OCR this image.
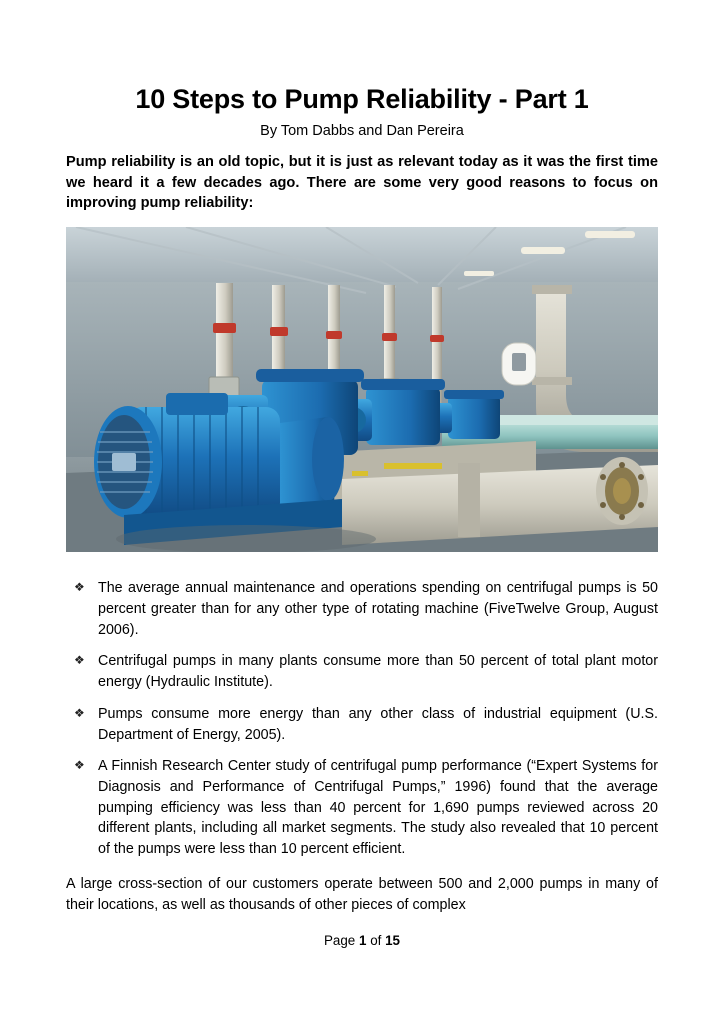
10 Steps to Pump Reliability - Part 1
By Tom Dabbs and Dan Pereira

Pump reliability is an old topic, but it is just as relevant today as it was the first time we heard it a few decades ago. There are some very good reasons to focus on improving pump reliability:

❖ The average annual maintenance and operations spending on centrifugal pumps is 50 percent greater than for any other type of rotating machine (FiveTwelve Group, August 2006).
❖ Centrifugal pumps in many plants consume more than 50 percent of total plant motor energy (Hydraulic Institute).
❖ Pumps consume more energy than any other class of industrial equipment (U.S. Department of Energy, 2005).
❖ A Finnish Research Center study of centrifugal pump performance (“Expert Systems for Diagnosis and Performance of Centrifugal Pumps,” 1996) found that the average pumping efficiency was less than 40 percent for 1,690 pumps reviewed across 20 different plants, including all market segments. The study also revealed that 10 percent of the pumps were less than 10 percent efficient.

A large cross-section of our customers operate between 500 and 2,000 pumps in many of their locations, as well as thousands of other pieces of complex

Page 1 of 15
